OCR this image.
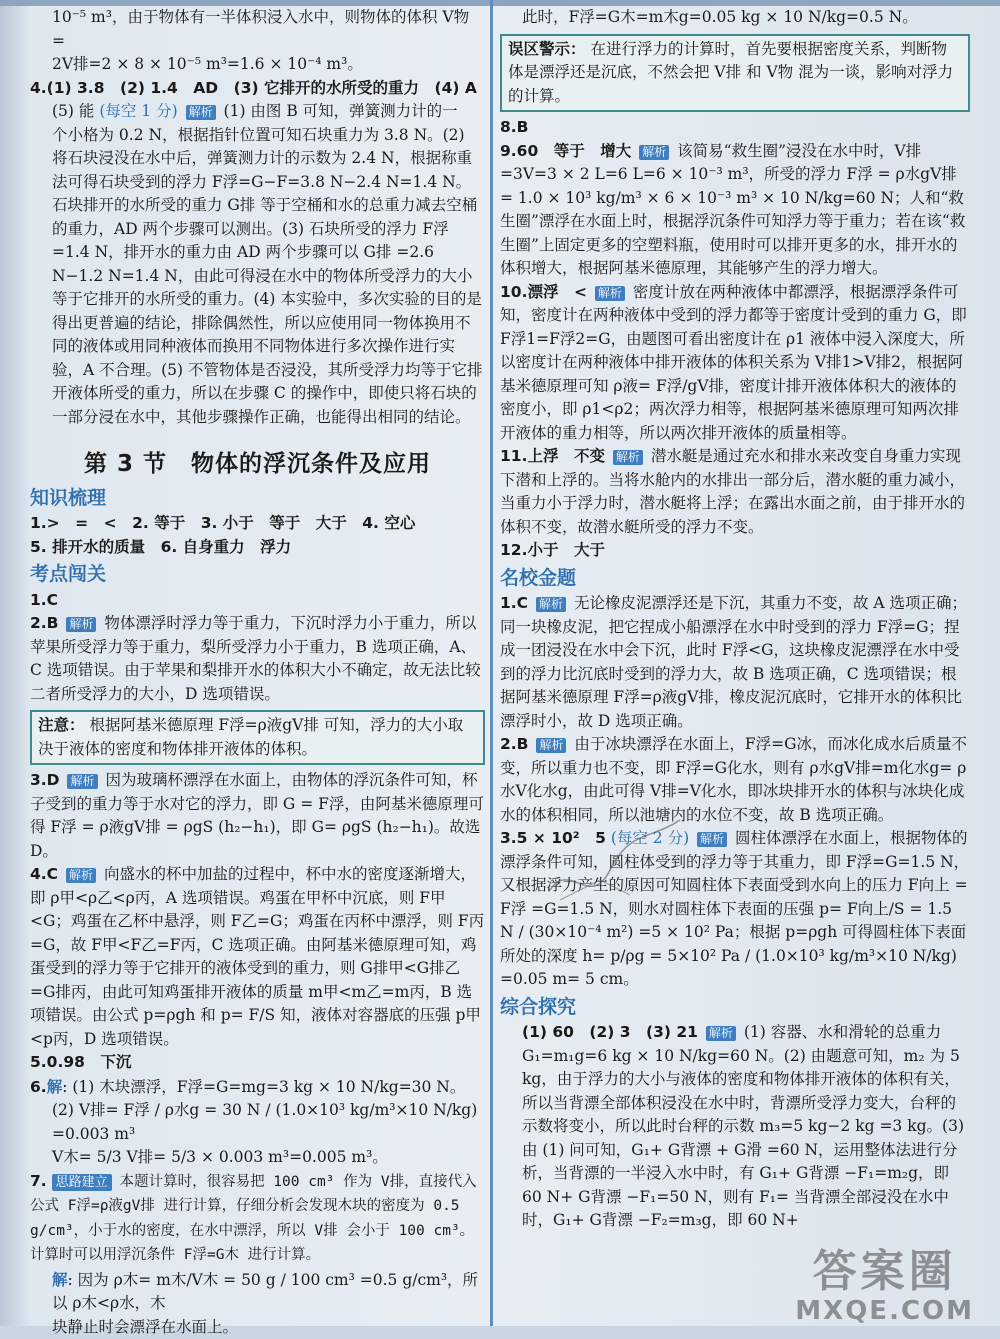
10⁻⁵ m³，由于物体有一半体积浸入水中，则物体的体积 V物 =

2V排=2 × 8 × 10⁻⁵ m³=1.6 × 10⁻⁴ m³。

4.(1) 3.8　(2) 1.4　AD　(3) 它排开的水所受的重力　(4) A

(5) 能 (每空 1 分) 解析 (1) 由图 B 可知，弹簧测力计的一

个小格为 0.2 N，根据指针位置可知石块重力为 3.8 N。(2) 将石块浸没在水中后，弹簧测力计的示数为 2.4 N，根据称重法可得石块受到的浮力 F浮=G−F=3.8 N−2.4 N=1.4 N。石块排开的水所受的重力 G排 等于空桶和水的总重力减去空桶的重力，AD 两个步骤可以测出。(3) 石块所受的浮力 F浮 =1.4 N，排开水的重力由 AD 两个步骤可以 G排 =2.6 N−1.2 N=1.4 N，由此可得浸在水中的物体所受浮力的大小等于它排开的水所受的重力。(4) 本实验中，多次实验的目的是得出更普遍的结论，排除偶然性，所以应使用同一物体换用不同的液体或用同种液体而换用不同物体进行多次操作进行实验，A 不合理。(5) 不管物体是否浸没，其所受浮力均等于它排开液体所受的重力，所以在步骤 C 的操作中，即使只将石块的一部分浸在水中，其他步骤操作正确，也能得出相同的结论。

第 3 节　物体的浮沉条件及应用
知识梳理

1.>　=　<　2. 等于　3. 小于　等于　大于　4. 空心

5. 排开水的质量　6. 自身重力　浮力

考点闯关

1.C

2.B 解析 物体漂浮时浮力等于重力，下沉时浮力小于重力，所以苹果所受浮力等于重力，梨所受浮力小于重力，B 选项正确，A、C 选项错误。由于苹果和梨排开水的体积大小不确定，故无法比较二者所受浮力的大小，D 选项错误。

注意： 根据阿基米德原理 F浮=ρ液gV排 可知，浮力的大小取决于液体的密度和物体排开液体的体积。

3.D 解析 因为玻璃杯漂浮在水面上，由物体的浮沉条件可知，杯子受到的重力等于水对它的浮力，即 G = F浮，由阿基米德原理可得 F浮 = ρ液gV排 = ρgS (h₂−h₁)，即 G= ρgS (h₂−h₁)。故选 D。

4.C 解析 向盛水的杯中加盐的过程中，杯中水的密度逐渐增大，即 ρ甲<ρ乙<ρ丙，A 选项错误。鸡蛋在甲杯中沉底，则 F甲<G；鸡蛋在乙杯中悬浮，则 F乙=G；鸡蛋在丙杯中漂浮，则 F丙=G，故 F甲<F乙=F丙，C 选项正确。由阿基米德原理可知，鸡蛋受到的浮力等于它排开的液体受到的重力，则 G排甲<G排乙=G排丙，由此可知鸡蛋排开液体的质量 m甲<m乙=m丙，B 选项错误。由公式 p=ρgh 和 p= F/S 知，液体对容器底的压强 p甲<p丙，D 选项错误。

5.0.98　下沉

6.解: (1) 木块漂浮，F浮=G=mg=3 kg × 10 N/kg=30 N。

(2) V排= F浮 / ρ水g = 30 N / (1.0×10³ kg/m³×10 N/kg) =0.003 m³

V木= 5/3 V排= 5/3 × 0.003 m³=0.005 m³。

7. 思路建立 本题计算时，很容易把 100 cm³ 作为 V排，直接代入公式 F浮=ρ液gV排 进行计算，仔细分析会发现木块的密度为 0.5 g/cm³，小于水的密度，在水中漂浮，所以 V排 会小于 100 cm³。计算时可以用浮沉条件 F浮=G木 进行计算。

解: 因为 ρ木= m木/V木 = 50 g / 100 cm³ =0.5 g/cm³，所以 ρ木<ρ水，木

块静止时会漂浮在水面上。

此时，F浮=G木=m木g=0.05 kg × 10 N/kg=0.5 N。

误区警示： 在进行浮力的计算时，首先要根据密度关系，判断物体是漂浮还是沉底，不然会把 V排 和 V物 混为一谈，影响对浮力的计算。

8.B

9.60　等于　增大 解析 该简易“救生圈”浸没在水中时，V排=3V=3 × 2 L=6 L=6 × 10⁻³ m³，所受的浮力 F浮 = ρ水gV排 = 1.0 × 10³ kg/m³ × 6 × 10⁻³ m³ × 10 N/kg=60 N；人和“救生圈”漂浮在水面上时，根据浮沉条件可知浮力等于重力；若在该“救生圈”上固定更多的空塑料瓶，使用时可以排开更多的水，排开水的体积增大，根据阿基米德原理，其能够产生的浮力增大。

10.漂浮　< 解析 密度计放在两种液体中都漂浮，根据漂浮条件可知，密度计在两种液体中受到的浮力都等于密度计受到的重力 G，即 F浮1=F浮2=G，由题图可看出密度计在 ρ1 液体中浸入深度大，所以密度计在两种液体中排开液体的体积关系为 V排1>V排2，根据阿基米德原理可知 ρ液= F浮/gV排，密度计排开液体体积大的液体的密度小，即 ρ1<ρ2；两次浮力相等，根据阿基米德原理可知两次排开液体的重力相等，所以两次排开液体的质量相等。

11.上浮　不变 解析 潜水艇是通过充水和排水来改变自身重力实现下潜和上浮的。当将水舱内的水排出一部分后，潜水艇的重力减小，当重力小于浮力时，潜水艇将上浮；在露出水面之前，由于排开水的体积不变，故潜水艇所受的浮力不变。

12.小于　大于

名校金题

1.C 解析 无论橡皮泥漂浮还是下沉，其重力不变，故 A 选项正确；同一块橡皮泥，把它捏成小船漂浮在水中时受到的浮力 F浮=G；捏成一团浸没在水中会下沉，此时 F浮<G，这块橡皮泥漂浮在水中受到的浮力比沉底时受到的浮力大，故 B 选项正确，C 选项错误；根据阿基米德原理 F浮=ρ液gV排，橡皮泥沉底时，它排开水的体积比漂浮时小，故 D 选项正确。

2.B 解析 由于冰块漂浮在水面上，F浮=G冰，而冰化成水后质量不变，所以重力也不变，即 F浮=G化水，则有 ρ水gV排=m化水g= ρ水V化水g，由此可得 V排=V化水，即冰块排开水的体积与冰块化成水的体积相同，所以池塘内的水位不变，故 B 选项正确。

3.5 × 10²　5 (每空 2 分) 解析 圆柱体漂浮在水面上，根据物体的漂浮条件可知，圆柱体受到的浮力等于其重力，即 F浮=G=1.5 N，又根据浮力产生的原因可知圆柱体下表面受到水向上的压力 F向上 = F浮 =G=1.5 N，则水对圆柱体下表面的压强 p= F向上/S = 1.5 N / (30×10⁻⁴ m²) =5 × 10² Pa；根据 p=ρgh 可得圆柱体下表面所处的深度 h= p/ρg = 5×10² Pa / (1.0×10³ kg/m³×10 N/kg) =0.05 m= 5 cm。

综合探究

(1) 60　(2) 3　(3) 21 解析 (1) 容器、水和滑轮的总重力 G₁=m₁g=6 kg × 10 N/kg=60 N。(2) 由题意可知，m₂ 为 5 kg，由于浮力的大小与液体的密度和物体排开液体的体积有关，所以当背漂全部体积浸没在水中时，背漂所受浮力变大，台秤的示数将变小，所以此时台秤的示数 m₃=5 kg−2 kg =3 kg。(3) 由 (1) 问可知，G₁+ G背漂 + G滑 =60 N，运用整体法进行分析，当背漂的一半浸入水中时，有 G₁+ G背漂 −F₁=m₂g，即 60 N+ G背漂 −F₁=50 N，则有 F₁= 当背漂全部浸没在水中时，G₁+ G背漂 −F₂=m₃g，即 60 N+

答案圈
MXQE.COM
